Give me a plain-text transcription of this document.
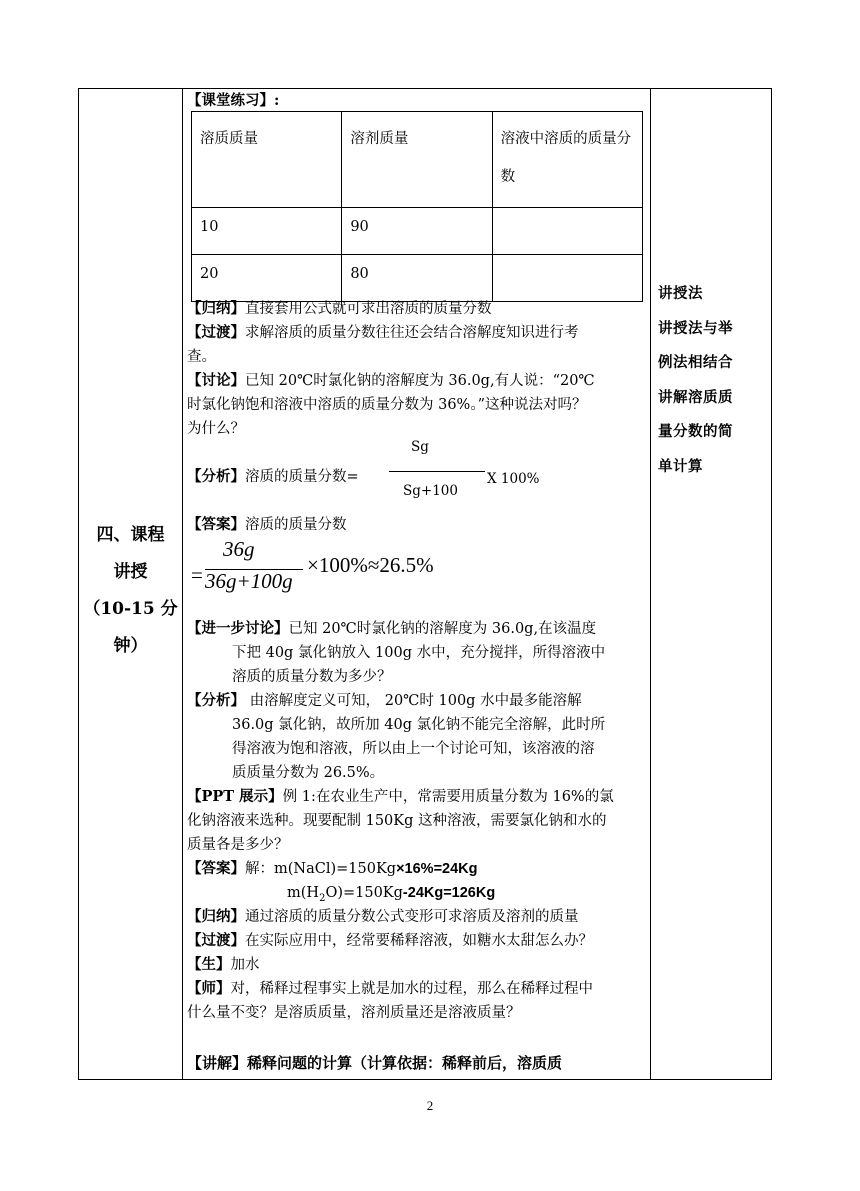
四、课程
讲授
（10-15 分
钟）
讲授法
讲授法与举
例法相结合
讲解溶质质
量分数的简
单计算
【课堂练习】:
溶质质量	溶剂质量	溶液中溶质的质量分数
10	90	
20	80	
【归纳】直接套用公式就可求出溶质的质量分数
【过渡】求解溶质的质量分数往往还会结合溶解度知识进行考
查。
【讨论】已知 20℃时氯化钠的溶解度为 36.0g,有人说：“20℃
时氯化钠饱和溶液中溶质的质量分数为 36%。”这种说法对吗？
为什么？
Sg
【分析】溶质的质量分数=
Sg+100
X 100%
【答案】溶质的质量分数
=
36g
36g+100g
×100%≈26.5%
【进一步讨论】已知 20℃时氯化钠的溶解度为 36.0g,在该温度
下把 40g 氯化钠放入 100g 水中，充分搅拌，所得溶液中
溶质的质量分数为多少？
【分析】 由溶解度定义可知， 20℃时 100g 水中最多能溶解
36.0g 氯化钠，故所加 40g 氯化钠不能完全溶解，此时所
得溶液为饱和溶液，所以由上一个讨论可知，该溶液的溶
质质量分数为 26.5%。
【PPT 展示】例 1:在农业生产中，常需要用质量分数为 16%的氯
化钠溶液来选种。现要配制 150Kg 这种溶液，需要氯化钠和水的
质量各是多少？
【答案】解：m(NaCl)=150Kg×16%=24Kg
$m(H_2O)=150Kg-24Kg=126Kg$
【归纳】通过溶质的质量分数公式变形可求溶质及溶剂的质量
【过渡】在实际应用中，经常要稀释溶液，如糖水太甜怎么办？
【生】加水
【师】对，稀释过程事实上就是加水的过程，那么在稀释过程中
什么量不变？是溶质质量，溶剂质量还是溶液质量？
【讲解】稀释问题的计算（计算依据：稀释前后，溶质质
2
